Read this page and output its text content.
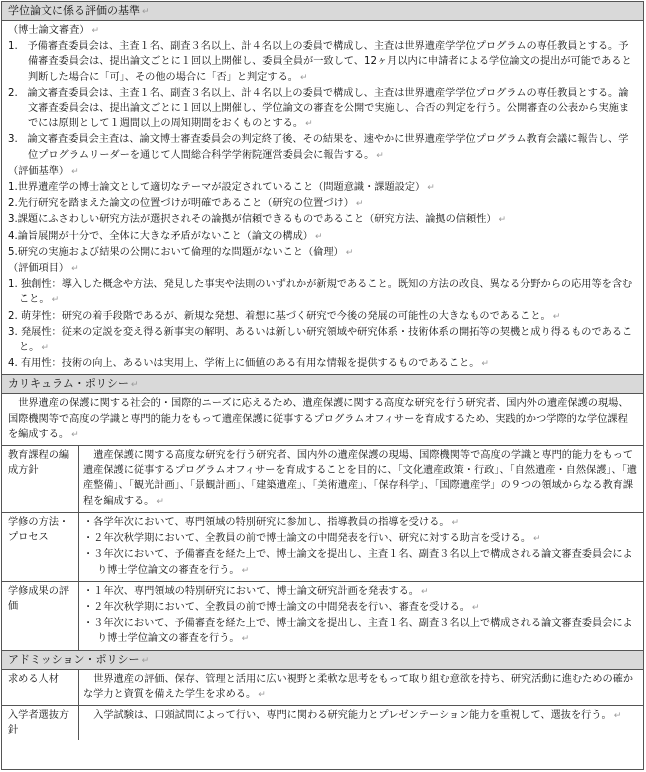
学位論文に係る評価の基準 ↵
（博士論文審査） ↵
1. 予備審査委員会は、主査１名、副査３名以上、計４名以上の委員で構成し、主査は世界遺産学学位プログラムの専任教員とする。予備審査委員会は、提出論文ごとに１回以上開催し、委員全員が一致して、12ヶ月以内に申請者による学位論文の提出が可能であると判断した場合に「可」、その他の場合に「否」と判定する。 ↵
2. 論文審査委員会は、主査１名、副査３名以上、計４名以上の委員で構成し、主査は世界遺産学学位プログラムの専任教員とする。論文審査委員会は、提出論文ごとに１回以上開催し、学位論文の審査を公開で実施し、合否の判定を行う。公開審査の公表から実施までには原則として１週間以上の周知期間をおくものとする。 ↵
3. 論文審査委員会主査は、論文博士審査委員会の判定終了後、その結果を、速やかに世界遺産学学位プログラム教育会議に報告し、学位プログラムリーダーを通じて人間総合科学学術院運営委員会に報告する。 ↵
（評価基準） ↵
1.世界遺産学の博士論文として適切なテーマが設定されていること（問題意識・課題設定） ↵
2.先行研究を踏まえた論文の位置づけが明確であること（研究の位置づけ） ↵
3.課題にふさわしい研究方法が選択されその論拠が信頼できるものであること（研究方法、論拠の信頼性） ↵
4.論旨展開が十分で、全体に大きな矛盾がないこと（論文の構成） ↵
5.研究の実施および結果の公開において倫理的な問題がないこと（倫理） ↵
（評価項目） ↵
1. 独創性：導入した概念や方法、発見した事実や法則のいずれかが新規であること。既知の方法の改良、異なる分野からの応用等を含むこと。 ↵
2. 萌芽性：研究の着手段階であるが、新規な発想、着想に基づく研究で今後の発展の可能性の大きなものであること。 ↵
3. 発展性：従来の定説を変え得る新事実の解明、あるいは新しい研究領域や研究体系・技術体系の開拓等の契機と成り得るものであること。 ↵
4. 有用性：技術の向上、あるいは実用上、学術上に価値のある有用な情報を提供するものであること。 ↵
カリキュラム・ポリシー ↵
世界遺産の保護に関する社会的・国際的ニーズに応えるため、遺産保護に関する高度な研究を行う研究者、国内外の遺産保護の現場、国際機関等で高度の学識と専門的能力をもって遺産保護に従事するプログラムオフィサーを育成するため、実践的かつ学際的な学位課程を編成する。 ↵
教育課程の編成方針	遺産保護に関する高度な研究を行う研究者、国内外の遺産保護の現場、国際機関等で高度の学識と専門的能力をもって遺産保護に従事するプログラムオフィサーを育成することを目的に、「文化遺産政策・行政」、「自然遺産・自然保護」、「遺産整備」、「観光計画」、「景観計画」、「建築遺産」、「美術遺産」、「保存科学」、「国際遺産学」の９つの領域からなる教育課程を編成する。 ↵
学修の方法・プロセス	・各学年次において、専門領域の特別研究に参加し、指導教員の指導を受ける。 ↵
・２年次秋学期において、全教員の前で博士論文の中間発表を行い、研究に対する助言を受ける。 ↵
・３年次において、予備審査を経た上で、博士論文を提出し、主査１名、副査３名以上で構成される論文審査委員会により博士学位論文の審査を行う。 ↵

学修成果の評価	・１年次、専門領域の特別研究において、博士論文研究計画を発表する。 ↵
・２年次秋学期において、全教員の前で博士論文の中間発表を行い、審査を受ける。 ↵
・３年次において、予備審査を経た上で、博士論文を提出し、主査１名、副査３名以上で構成される論文審査委員会により博士学位論文の審査を行う。 ↵
アドミッション・ポリシー ↵
求める人材	世界遺産の評価、保存、管理と活用に広い視野と柔軟な思考をもって取り組む意欲を持ち、研究活動に進むための確かな学力と資質を備えた学生を求める。 ↵
入学者選抜方針	入学試験は、口頭試問によって行い、専門に関わる研究能力とプレゼンテーション能力を重視して、選抜を行う。 ↵
